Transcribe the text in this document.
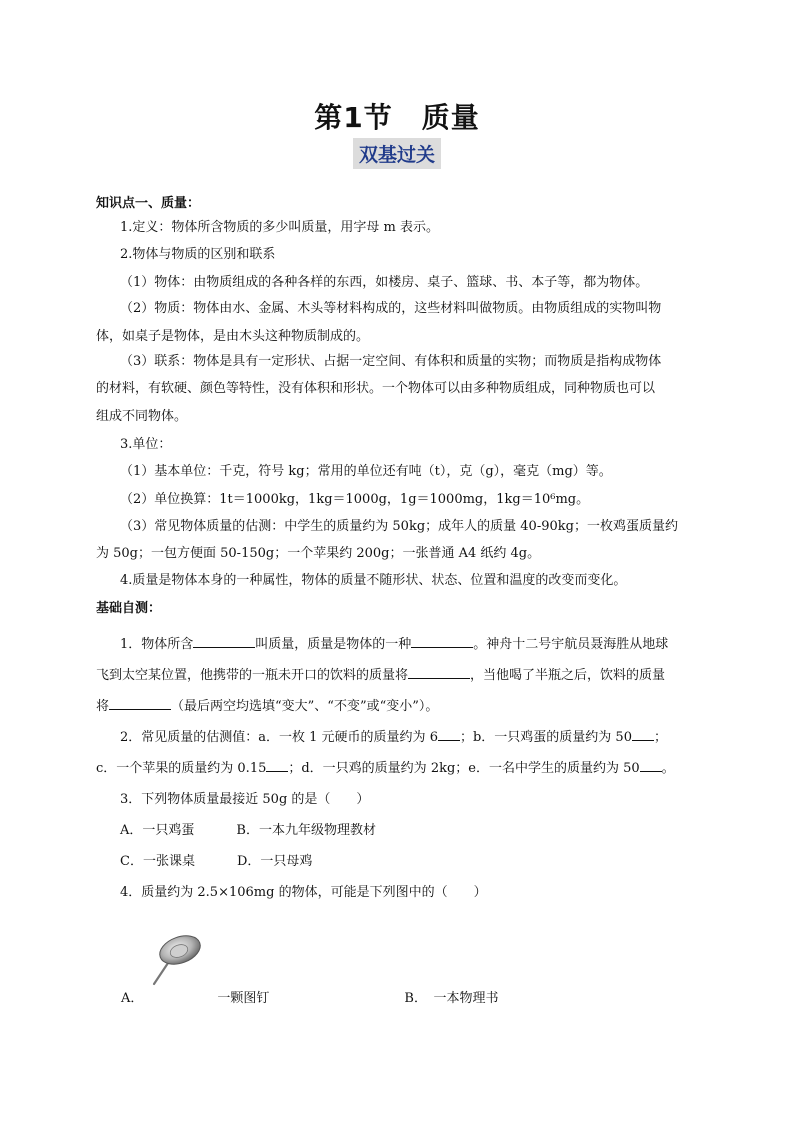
第1节　质量
双基过关
知识点一、质量：
1.定义：物体所含物质的多少叫质量，用字母 m 表示。
2.物体与物质的区别和联系
（1）物体：由物质组成的各种各样的东西，如楼房、桌子、篮球、书、本子等，都为物体。
（2）物质：物体由水、金属、木头等材料构成的，这些材料叫做物质。由物质组成的实物叫物
体，如桌子是物体，是由木头这种物质制成的。
（3）联系：物体是具有一定形状、占据一定空间、有体积和质量的实物；而物质是指构成物体
的材料，有软硬、颜色等特性，没有体积和形状。一个物体可以由多种物质组成，同种物质也可以
组成不同物体。
3.单位：
（1）基本单位：千克，符号 kg；常用的单位还有吨（t），克（g），毫克（mg）等。
（2）单位换算：1t＝1000kg，1kg＝1000g，1g＝1000mg，1kg＝10⁶mg。
（3）常见物体质量的估测：中学生的质量约为 50kg；成年人的质量 40-90kg；一枚鸡蛋质量约
为 50g；一包方便面 50-150g；一个苹果约 200g；一张普通 A4 纸约 4g。
4.质量是物体本身的一种属性，物体的质量不随形状、状态、位置和温度的改变而变化。
基础自测：
1．物体所含	叫质量，质量是物体的一种	。神舟十二号宇航员聂海胜从地球
飞到太空某位置，他携带的一瓶未开口的饮料的质量将	，当他喝了半瓶之后，饮料的质量
将	（最后两空均选填“变大”、“不变”或“变小”）。
2．常见质量的估测值：a．一枚 1 元硬币的质量约为 6 ；b．一只鸡蛋的质量约为 50 ；
c．一个苹果的质量约为 0.15 ；d．一只鸡的质量约为 2kg；e．一名中学生的质量约为 50 。
3．下列物体质量最接近 50g 的是（　　）
A．一只鸡蛋	B．一本九年级物理教材
C．一张课桌	D．一只母鸡
4．质量约为 2.5×106mg 的物体，可能是下列图中的（　　）
A．	一颗图钉	B．　一本物理书
